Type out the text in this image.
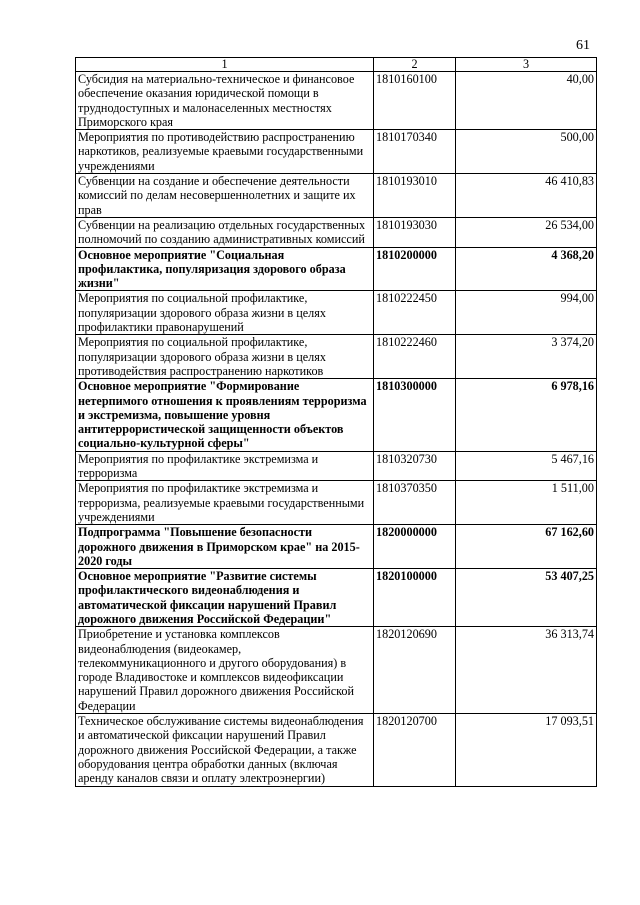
61
1	2	3
Субсидия на материально-техническое и финансовое обеспечение оказания юридической помощи в труднодоступных и малонаселенных местностях Приморского края	1810160100	40,00
Мероприятия по противодействию распространению наркотиков, реализуемые краевыми государственными учреждениями	1810170340	500,00
Субвенции на создание и обеспечение деятельности комиссий по делам несовершеннолетних и защите их прав	1810193010	46 410,83
Субвенции на реализацию отдельных государственных полномочий по созданию административных комиссий	1810193030	26 534,00
Основное мероприятие "Социальная профилактика, популяризация здорового образа жизни"	1810200000	4 368,20
Мероприятия по социальной профилактике, популяризации здорового образа жизни в целях профилактики правонарушений	1810222450	994,00
Мероприятия по социальной профилактике, популяризации здорового образа жизни в целях противодействия распространению наркотиков	1810222460	3 374,20
Основное мероприятие "Формирование нетерпимого отношения к проявлениям терроризма и экстремизма, повышение уровня антитеррористической защищенности объектов социально-культурной сферы"	1810300000	6 978,16
Мероприятия по профилактике экстремизма и терроризма	1810320730	5 467,16
Мероприятия по профилактике экстремизма и терроризма, реализуемые краевыми государственными учреждениями	1810370350	1 511,00
Подпрограмма "Повышение безопасности дорожного движения в Приморском крае" на 2015-2020 годы	1820000000	67 162,60
Основное мероприятие "Развитие системы профилактического видеонаблюдения и автоматической фиксации нарушений Правил дорожного движения Российской Федерации"	1820100000	53 407,25
Приобретение и установка комплексов видеонаблюдения (видеокамер, телекоммуникационного и другого оборудования) в городе Владивостоке и комплексов видеофиксации нарушений Правил дорожного движения Российской Федерации	1820120690	36 313,74
Техническое обслуживание системы видеонаблюдения и автоматической фиксации нарушений Правил дорожного движения Российской Федерации, а также оборудования центра обработки данных (включая аренду каналов связи и оплату электроэнергии)	1820120700	17 093,51
